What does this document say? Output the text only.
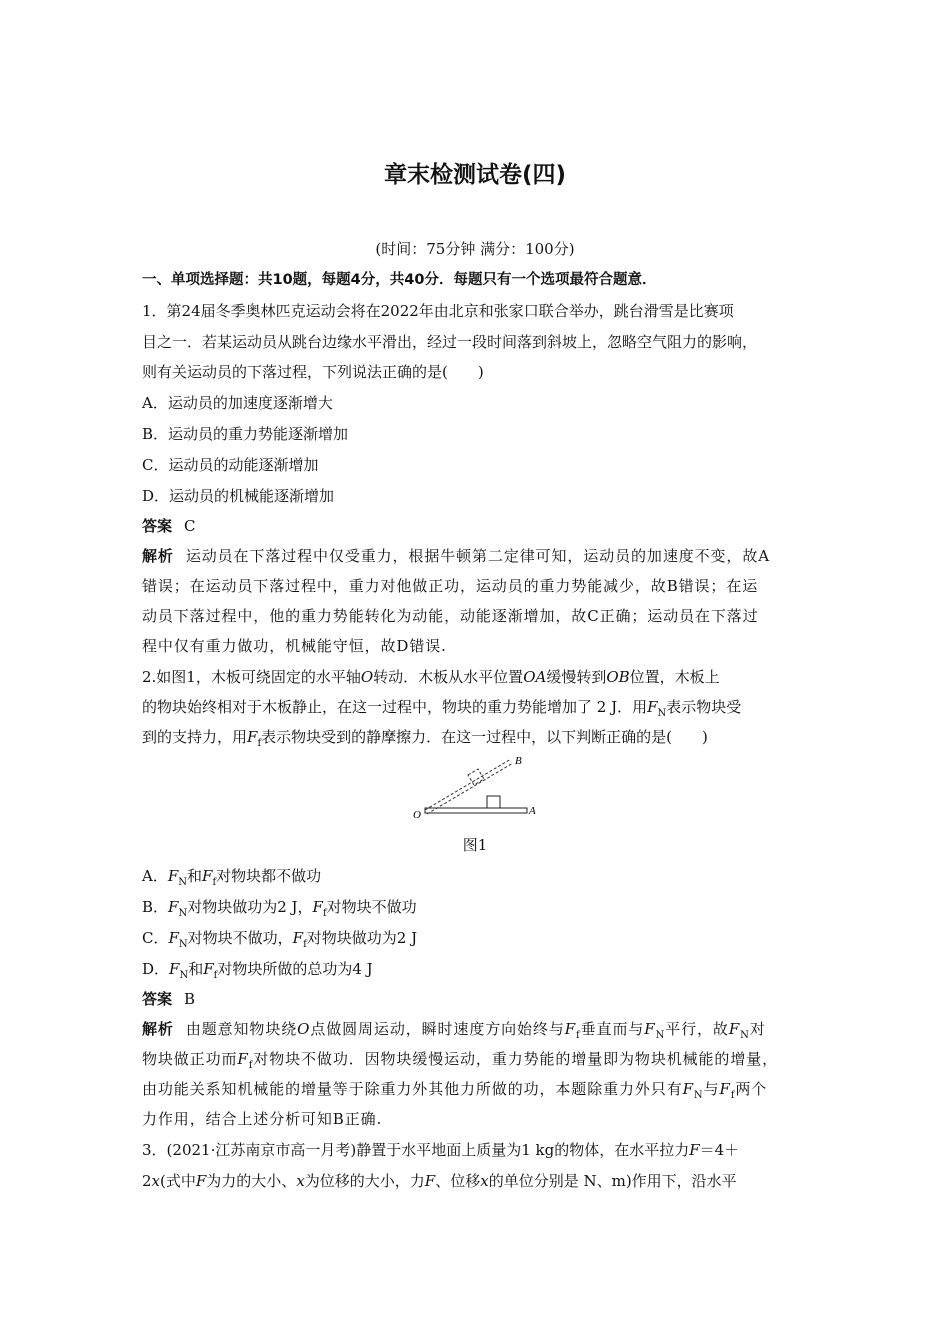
章末检测试卷(四)
(时间：75分钟 满分：100分)
一、单项选择题：共10题，每题4分，共40分．每题只有一个选项最符合题意．
1．第24届冬季奥林匹克运动会将在2022年由北京和张家口联合举办，跳台滑雪是比赛项
目之一．若某运动员从跳台边缘水平滑出，经过一段时间落到斜坡上，忽略空气阻力的影响，
则有关运动员的下落过程，下列说法正确的是(　　)
A．运动员的加速度逐渐增大
B．运动员的重力势能逐渐增加
C．运动员的动能逐渐增加
D．运动员的机械能逐渐增加
答案 C
解析 运动员在下落过程中仅受重力，根据牛顿第二定律可知，运动员的加速度不变，故A
错误；在运动员下落过程中，重力对他做正功，运动员的重力势能减少，故B错误；在运
动员下落过程中，他的重力势能转化为动能，动能逐渐增加，故C正确；运动员在下落过
程中仅有重力做功，机械能守恒，故D错误.
2.如图1，木板可绕固定的水平轴O转动．木板从水平位置OA缓慢转到OB位置，木板上
的物块始终相对于木板静止，在这一过程中，物块的重力势能增加了 2 J．用$F_N$表示物块受
到的支持力，用$F_f$表示物块受到的静摩擦力．在这一过程中，以下判断正确的是(　　)
O	A
B
图1
A．$F_N$和$F_f$对物块都不做功
B．$F_N$对物块做功为2 J，$F_f$对物块不做功
C．$F_N$对物块不做功，$F_f$对物块做功为2 J
D．$F_N$和$F_f$对物块所做的总功为4 J
答案 B
解析 由题意知物块绕O点做圆周运动，瞬时速度方向始终与$F_f$垂直而与$F_N$平行，故$F_N$对
物块做正功而$F_f$对物块不做功．因物块缓慢运动，重力势能的增量即为物块机械能的增量，
由功能关系知机械能的增量等于除重力外其他力所做的功，本题除重力外只有$F_N$与$F_f$两个
力作用，结合上述分析可知B正确.
3．(2021·江苏南京市高一月考)静置于水平地面上质量为1 kg的物体，在水平拉力F＝4＋
2x(式中F为力的大小、x为位移的大小，力F、位移x的单位分别是 N、m)作用下，沿水平
